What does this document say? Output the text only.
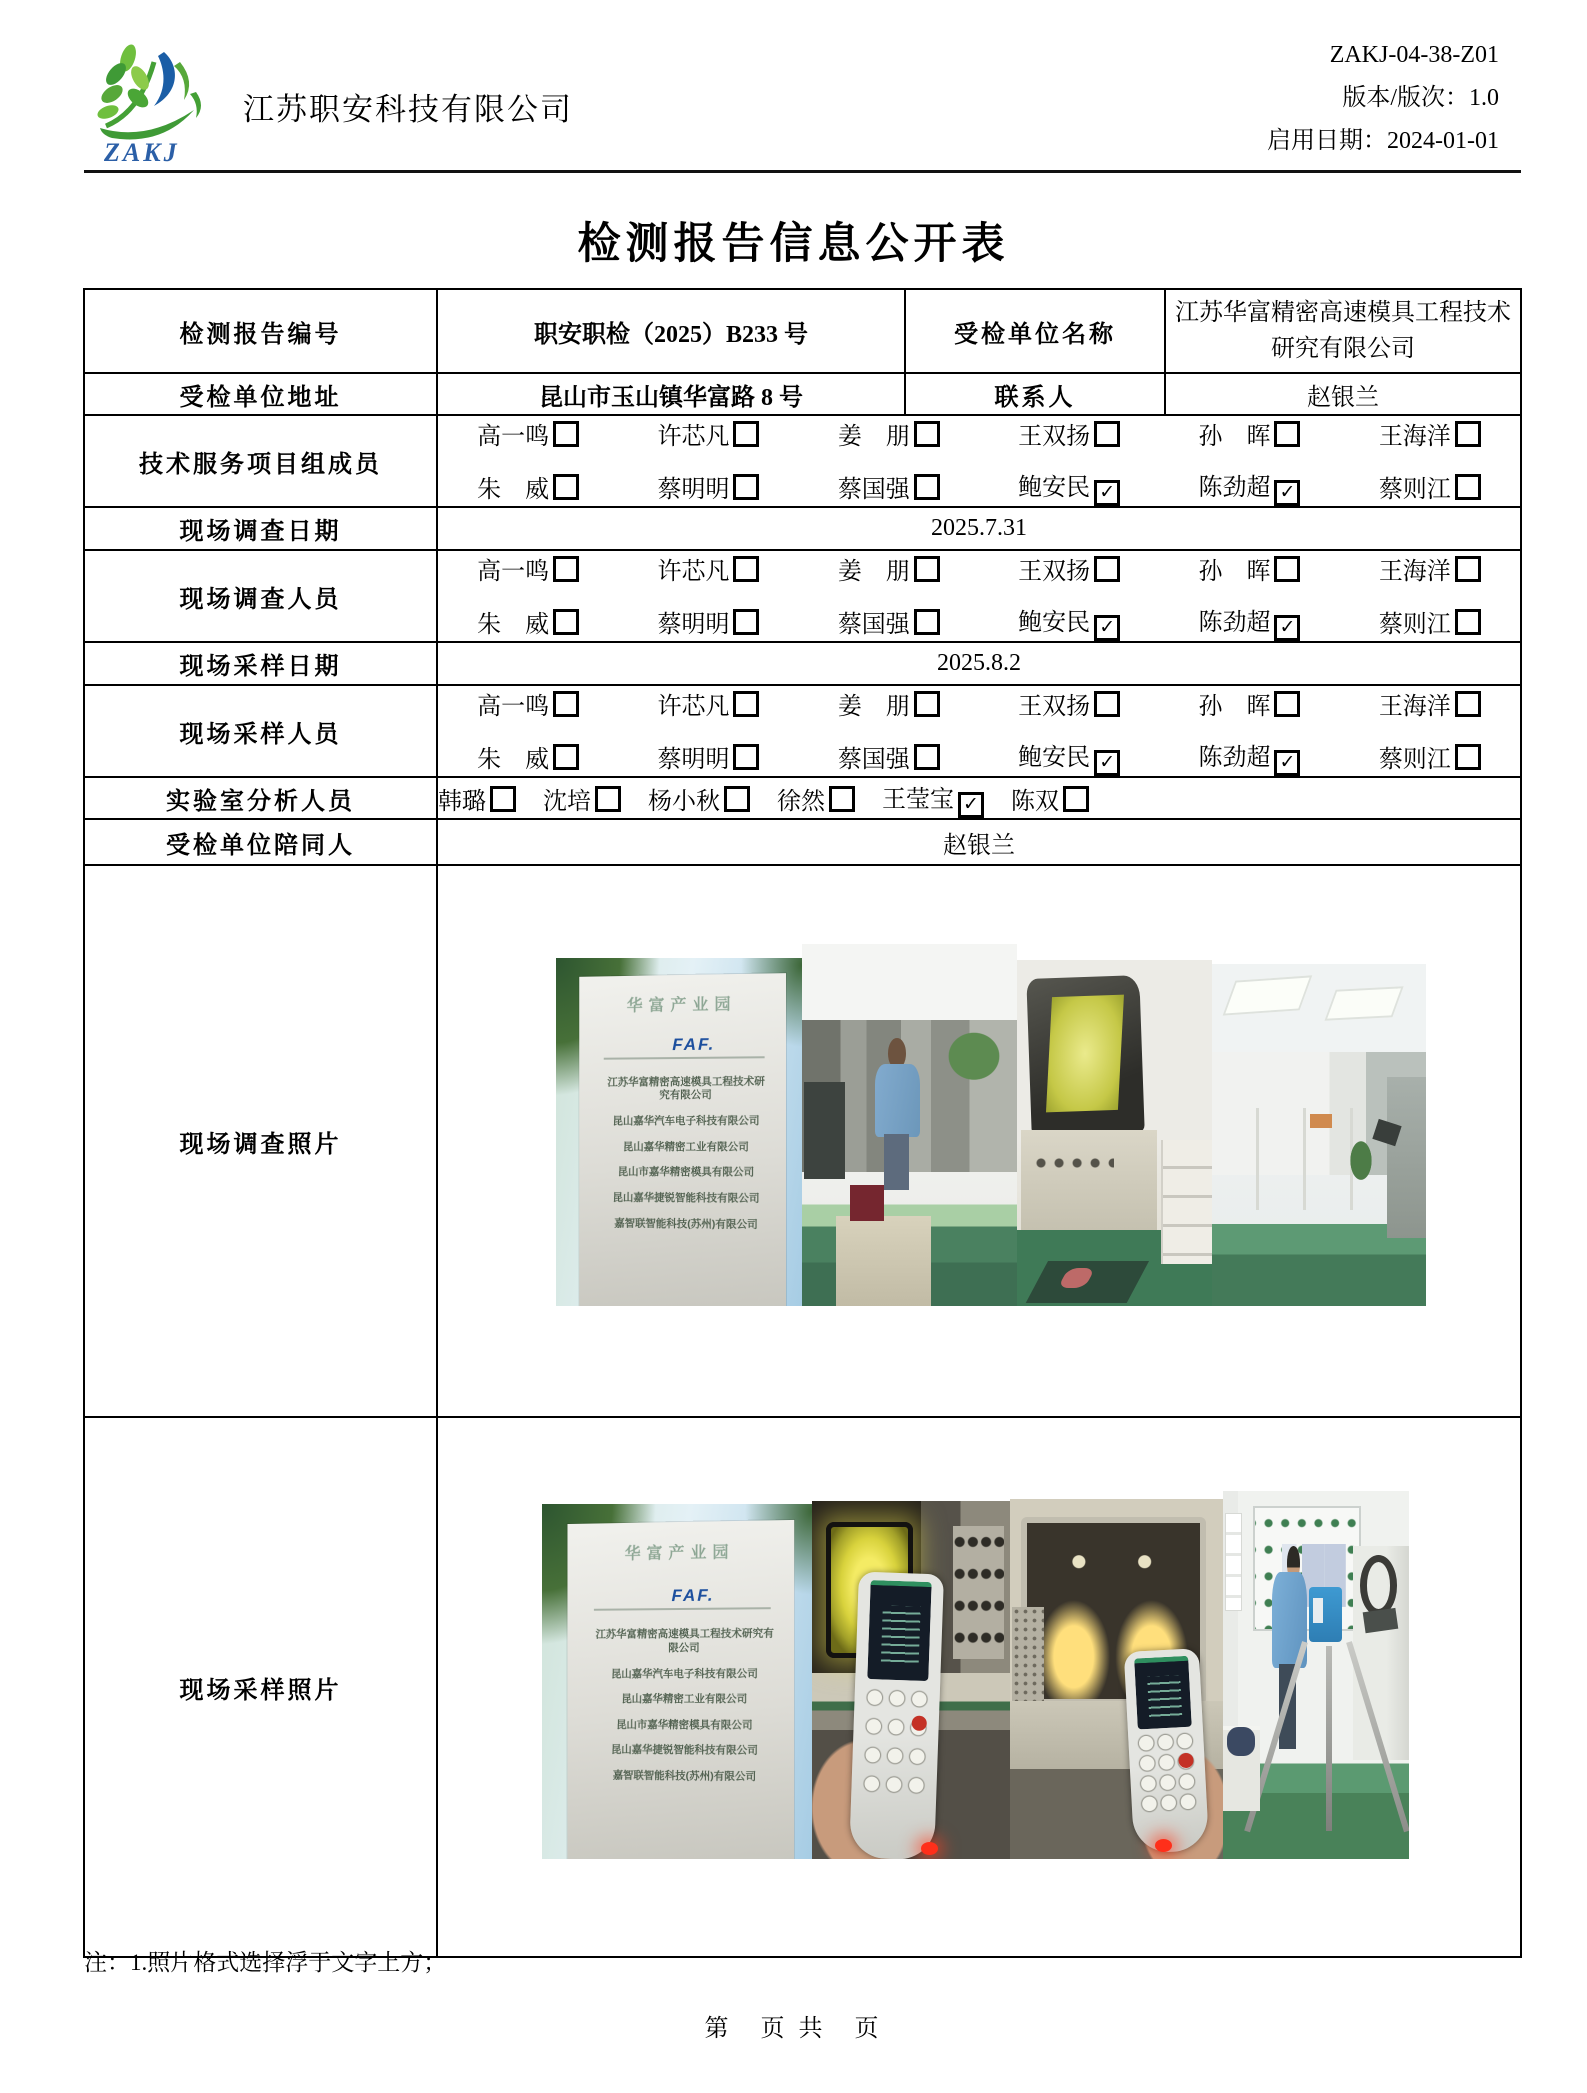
ZAKJ
江苏职安科技有限公司
ZAKJ-04-38-Z01
版本/版次：1.0
启用日期：2024-01-01
检测报告信息公开表
检测报告编号	职安职检（2025）B233 号	受检单位名称	江苏华富精密高速模具工程技术研究有限公司
受检单位地址	昆山市玉山镇华富路 8 号	联系人	赵银兰
技术服务项目组成员	
高一鸣	许芯凡	姜　朋	王双扬	孙　晖	王海洋
朱　威	蔡明明	蔡国强	鲍安民 ✓	陈劲超 ✓	蔡则江

现场调查日期	2025.7.31		
现场调查人员	
高一鸣	许芯凡	姜　朋	王双扬	孙　晖	王海洋
朱　威	蔡明明	蔡国强	鲍安民 ✓	陈劲超 ✓	蔡则江

现场采样日期	2025.8.2		
现场采样人员	
高一鸣	许芯凡	姜　朋	王双扬	孙　晖	王海洋
朱　威	蔡明明	蔡国强	鲍安民 ✓	陈劲超 ✓	蔡则江

实验室分析人员	韩璐	沈培	杨小秋	徐然	王莹宝 ✓ 陈双

受检单位陪同人	赵银兰		
现场调查照片	
华富产业园
FAF.
江苏华富精密高速模具工程技术研究有限公司
昆山嘉华汽车电子科技有限公司
昆山嘉华精密工业有限公司
昆山市嘉华精密模具有限公司
昆山嘉华捷锐智能科技有限公司
嘉智联智能科技(苏州)有限公司

现场采样照片	
华富产业园
FAF.
江苏华富精密高速模具工程技术研究有限公司
昆山嘉华汽车电子科技有限公司
昆山嘉华精密工业有限公司
昆山市嘉华精密模具有限公司
昆山嘉华捷锐智能科技有限公司
嘉智联智能科技(苏州)有限公司
注：1.照片格式选择浮于文字上方；
第　页 共　页
